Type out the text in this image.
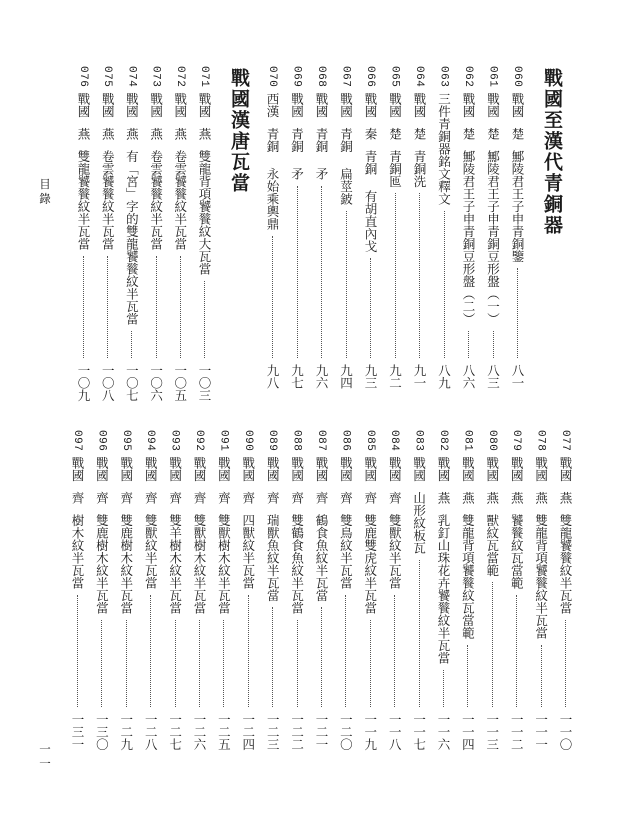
戰國至漢代青銅器
戰國漢唐瓦當	060戰國楚鄦陵君王子申青銅鑒
八一
061戰國楚鄦陵君王子申青銅豆形盤（一）
八三
062戰國楚鄦陵君王子申青銅豆形盤（二）
八六
063三件青銅器銘文釋文
八九
064戰國楚青銅洗
九一
065戰國楚青銅匜
九二
066戰國秦青銅 有胡直內戈
九三
067戰國青銅 扁莖鈹
九四
068戰國青銅 矛
九六
069戰國青銅 矛
九七
070西漢青銅 永始乘輿鼎
九八
071戰國燕雙龍背項饕餮紋大瓦當
一〇三
072戰國燕卷雲饕餮紋半瓦當
一〇五
073戰國燕卷雲饕餮紋半瓦當
一〇六
074戰國燕有「宮」字的雙龍饕餮紋半瓦當
一〇七
075戰國燕卷雲饕餮紋半瓦當
一〇八
076戰國燕雙龍饕餮紋半瓦當
一〇九
077戰國燕雙龍饕餮紋半瓦當
一一〇
078戰國燕雙龍背項饕餮紋半瓦當
一一一
079戰國燕饕餮紋瓦當範
一一二
080戰國燕獸紋瓦當範
一一三
081戰國燕雙龍背項饕餮紋瓦當範
一一四
082戰國燕乳釘山珠花卉饕餮紋半瓦當
一一六
083戰國山形紋板瓦
一一七
084戰國齊雙獸紋半瓦當
一一八
085戰國齊雙鹿雙虎紋半瓦當
一一九
086戰國齊雙鳥紋半瓦當
一二〇
087戰國齊鶴食魚紋半瓦當
一二一
088戰國齊雙鶴食魚紋半瓦當
一二二
089戰國齊瑞獸魚紋半瓦當
一二三
090戰國齊四獸紋半瓦當
一二四
091戰國齊雙獸樹木紋半瓦當
一二五
092戰國齊雙獸樹木紋半瓦當
一二六
093戰國齊雙羊樹木紋半瓦當
一二七
094戰國齊雙獸紋半瓦當
一二八
095戰國齊雙鹿樹木紋半瓦當
一二九
096戰國齊雙鹿樹木紋半瓦當
一三〇
097戰國齊樹木紋半瓦當
一三一
目錄
一一
